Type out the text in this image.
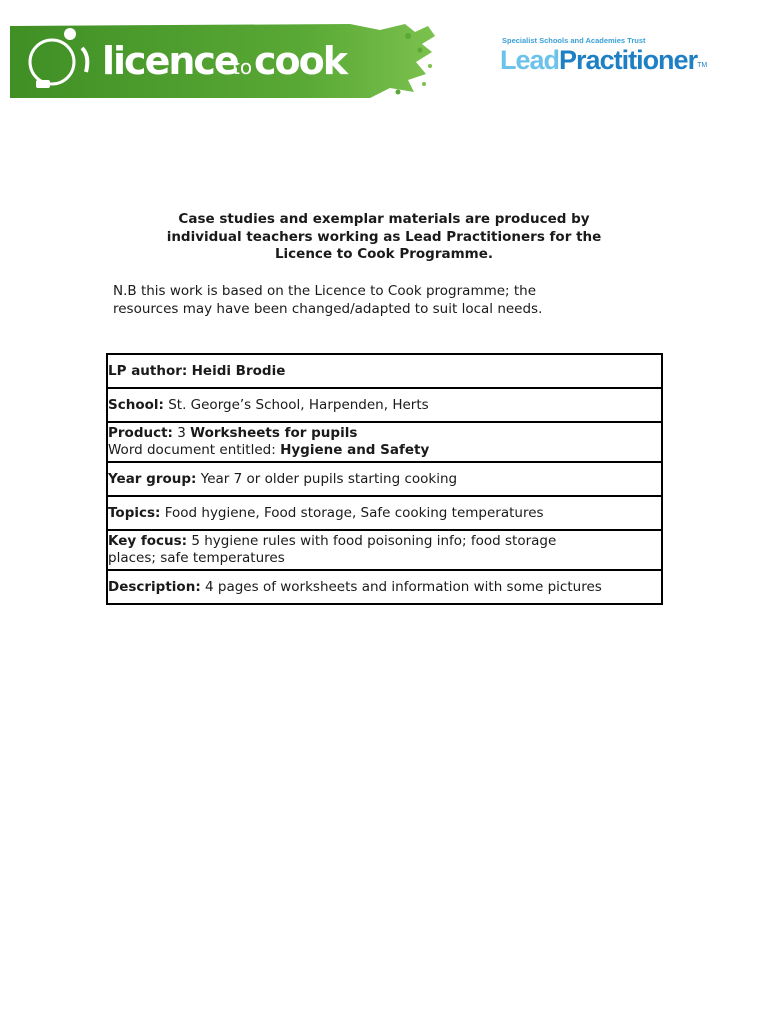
licence
to cook	Specialist Schools and Academies Trust
LeadPractitioner™
Case studies and exemplar materials are produced by
individual teachers working as Lead Practitioners for the
Licence to Cook Programme.
N.B this work is based on the Licence to Cook programme; the
resources may have been changed/adapted to suit local needs.
LP author: Heidi Brodie
School: St. George’s School, Harpenden, Herts

Product: 3 Worksheets for pupils
Word document entitled: Hygiene and Safety

Year group: Year 7 or older pupils starting cooking
Topics: Food hygiene, Food storage, Safe cooking temperatures

Key focus: 5 hygiene rules with food poisoning info; food storage
places; safe temperatures

Description: 4 pages of worksheets and information with some pictures
